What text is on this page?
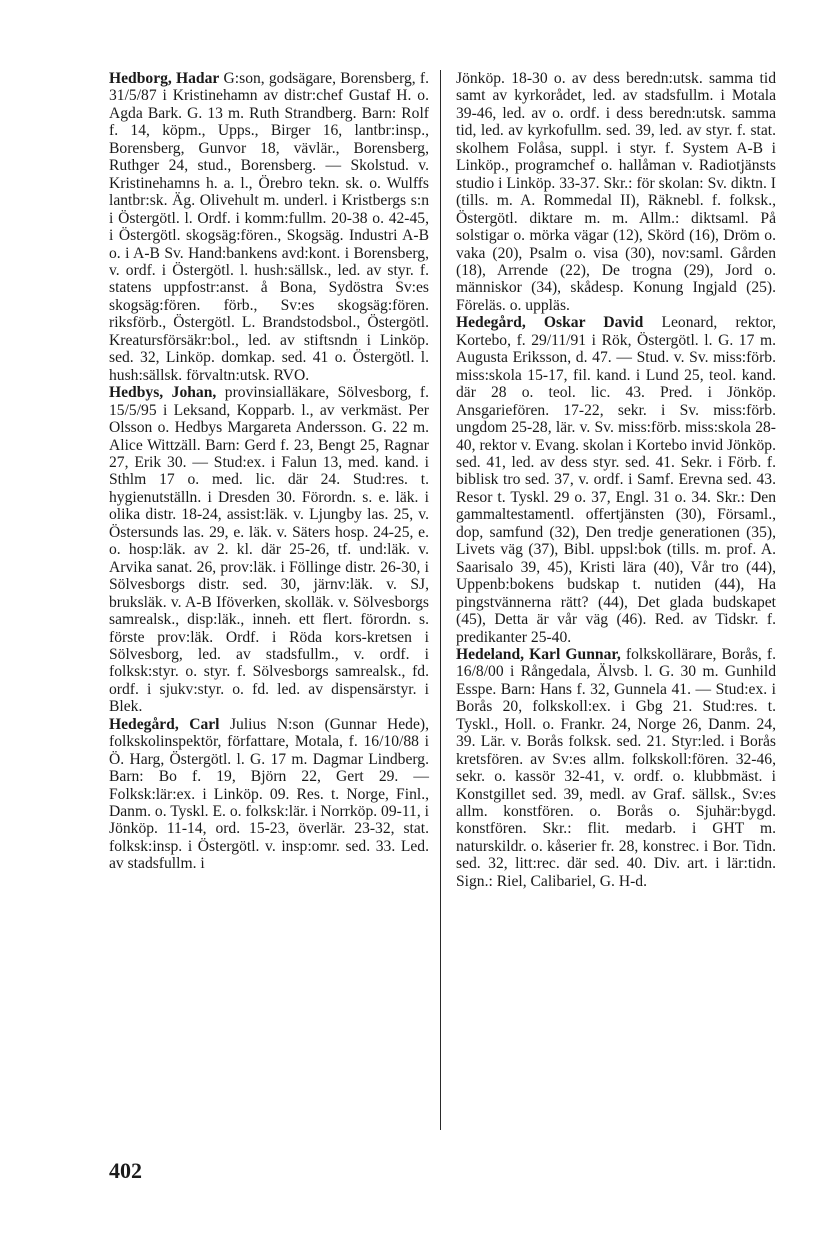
Hedborg, Hadar G:son, godsägare, Borensberg, f. 31/5/87 i Kristinehamn av distr:chef Gustaf H. o. Agda Bark. G. 13 m. Ruth Strandberg. Barn: Rolf f. 14, köpm., Upps., Birger 16, lantbr:insp., Borensberg, Gunvor 18, vävlär., Borensberg, Ruthger 24, stud., Borensberg. — Skolstud. v. Kristinehamns h. a. l., Örebro tekn. sk. o. Wulffs lantbr:sk. Äg. Olivehult m. underl. i Kristbergs s:n i Östergötl. l. Ordf. i komm:fullm. 20-38 o. 42-45, i Östergötl. skogsäg:fören., Skogsäg. Industri A-B o. i A-B Sv. Hand:bankens avd:kont. i Borensberg, v. ordf. i Östergötl. l. hush:sällsk., led. av styr. f. statens uppfostr:anst. å Bona, Sydöstra Sv:es skogsäg:fören. förb., Sv:es skogsäg:fören. riksförb., Östergötl. L. Brandstodsbol., Östergötl. Kreatursförsäkr:bol., led. av stiftsndn i Linköp. sed. 32, Linköp. domkap. sed. 41 o. Östergötl. l. hush:sällsk. förvaltn:utsk. RVO.

Hedbys, Johan, provinsialläkare, Sölvesborg, f. 15/5/95 i Leksand, Kopparb. l., av verkmäst. Per Olsson o. Hedbys Margareta Andersson. G. 22 m. Alice Wittzäll. Barn: Gerd f. 23, Bengt 25, Ragnar 27, Erik 30. — Stud:ex. i Falun 13, med. kand. i Sthlm 17 o. med. lic. där 24. Stud:res. t. hygienutställn. i Dresden 30. Förordn. s. e. läk. i olika distr. 18-24, assist:läk. v. Ljungby las. 25, v. Östersunds las. 29, e. läk. v. Säters hosp. 24-25, e. o. hosp:läk. av 2. kl. där 25-26, tf. und:läk. v. Arvika sanat. 26, prov:läk. i Föllinge distr. 26-30, i Sölvesborgs distr. sed. 30, järnv:läk. v. SJ, bruksläk. v. A-B Iföverken, skolläk. v. Sölvesborgs samrealsk., disp:läk., inneh. ett flert. förordn. s. förste prov:läk. Ordf. i Röda kors-kretsen i Sölvesborg, led. av stadsfullm., v. ordf. i folksk:styr. o. styr. f. Sölvesborgs samrealsk., fd. ordf. i sjukv:styr. o. fd. led. av dispensärstyr. i Blek.

Hedegård, Carl Julius N:son (Gunnar Hede), folkskolinspektör, författare, Motala, f. 16/10/88 i Ö. Harg, Östergötl. l. G. 17 m. Dagmar Lindberg. Barn: Bo f. 19, Björn 22, Gert 29. — Folksk:lär:ex. i Linköp. 09. Res. t. Norge, Finl., Danm. o. Tyskl. E. o. folksk:lär. i Norrköp. 09-11, i Jönköp. 11-14, ord. 15-23, överlär. 23-32, stat. folksk:insp. i Östergötl. v. insp:omr. sed. 33. Led. av stadsfullm. i

Jönköp. 18-30 o. av dess beredn:utsk. samma tid samt av kyrkorådet, led. av stadsfullm. i Motala 39-46, led. av o. ordf. i dess beredn:utsk. samma tid, led. av kyrkofullm. sed. 39, led. av styr. f. stat. skolhem Folåsa, suppl. i styr. f. System A-B i Linköp., programchef o. hallåman v. Radiotjänsts studio i Linköp. 33-37. Skr.: för skolan: Sv. diktn. I (tills. m. A. Rommedal II), Räknebl. f. folksk., Östergötl. diktare m. m. Allm.: diktsaml. På solstigar o. mörka vägar (12), Skörd (16), Dröm o. vaka (20), Psalm o. visa (30), nov:saml. Gården (18), Arrende (22), De trogna (29), Jord o. människor (34), skådesp. Konung Ingjald (25). Föreläs. o. uppläs.

Hedegård, Oskar David Leonard, rektor, Kortebo, f. 29/11/91 i Rök, Östergötl. l. G. 17 m. Augusta Eriksson, d. 47. — Stud. v. Sv. miss:förb. miss:skola 15-17, fil. kand. i Lund 25, teol. kand. där 28 o. teol. lic. 43. Pred. i Jönköp. Ansgariefören. 17-22, sekr. i Sv. miss:förb. ungdom 25-28, lär. v. Sv. miss:förb. miss:skola 28-40, rektor v. Evang. skolan i Kortebo invid Jönköp. sed. 41, led. av dess styr. sed. 41. Sekr. i Förb. f. biblisk tro sed. 37, v. ordf. i Samf. Erevna sed. 43. Resor t. Tyskl. 29 o. 37, Engl. 31 o. 34. Skr.: Den gammaltestamentl. offertjänsten (30), Församl., dop, samfund (32), Den tredje generationen (35), Livets väg (37), Bibl. uppsl:bok (tills. m. prof. A. Saarisalo 39, 45), Kristi lära (40), Vår tro (44), Uppenb:bokens budskap t. nutiden (44), Ha pingstvännerna rätt? (44), Det glada budskapet (45), Detta är vår väg (46). Red. av Tidskr. f. predikanter 25-40.

Hedeland, Karl Gunnar, folkskollärare, Borås, f. 16/8/00 i Rångedala, Älvsb. l. G. 30 m. Gunhild Esspe. Barn: Hans f. 32, Gunnela 41. — Stud:ex. i Borås 20, folkskoll:ex. i Gbg 21. Stud:res. t. Tyskl., Holl. o. Frankr. 24, Norge 26, Danm. 24, 39. Lär. v. Borås folksk. sed. 21. Styr:led. i Borås kretsfören. av Sv:es allm. folkskoll:fören. 32-46, sekr. o. kassör 32-41, v. ordf. o. klubbmäst. i Konstgillet sed. 39, medl. av Graf. sällsk., Sv:es allm. konstfören. o. Borås o. Sjuhär:bygd. konstfören. Skr.: flit. medarb. i GHT m. naturskildr. o. kåserier fr. 28, konstrec. i Bor. Tidn. sed. 32, litt:rec. där sed. 40. Div. art. i lär:tidn. Sign.: Riel, Calibariel, G. H-d.

402
